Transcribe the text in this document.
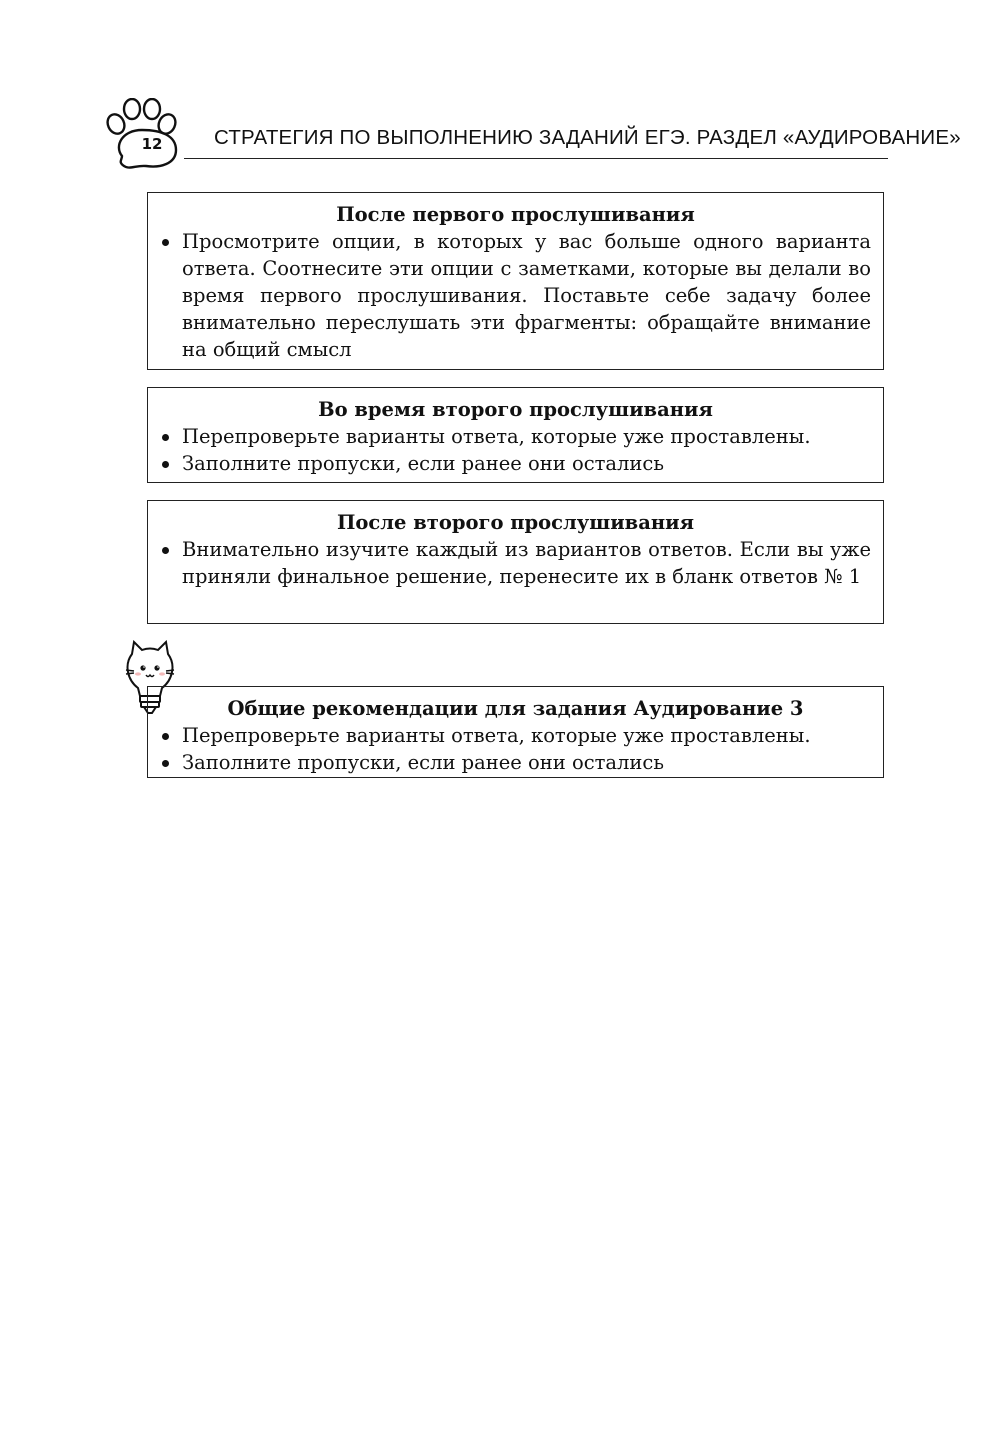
12	СТРАТЕГИЯ ПО ВЫПОЛНЕНИЮ ЗАДАНИЙ ЕГЭ. РАЗДЕЛ «АУДИРОВАНИЕ»
После первого прослушивания
Просмотрите опции, в которых у вас больше одного варианта ответа. Соотнесите эти опции с заметками, которые вы делали во время первого прослушивания. Поставьте себе задачу более внимательно переслушать эти фрагменты: обращайте внимание на общий смысл
Во время второго прослушивания
Перепроверьте варианты ответа, которые уже проставлены.
Заполните пропуски, если ранее они остались
После второго прослушивания
Внимательно изучите каждый из вариантов ответов. Если вы уже приняли финальное решение, перенесите их в бланк ответов № 1
Общие рекомендации для задания Аудирование 3
Перепроверьте варианты ответа, которые уже проставлены.
Заполните пропуски, если ранее они остались
